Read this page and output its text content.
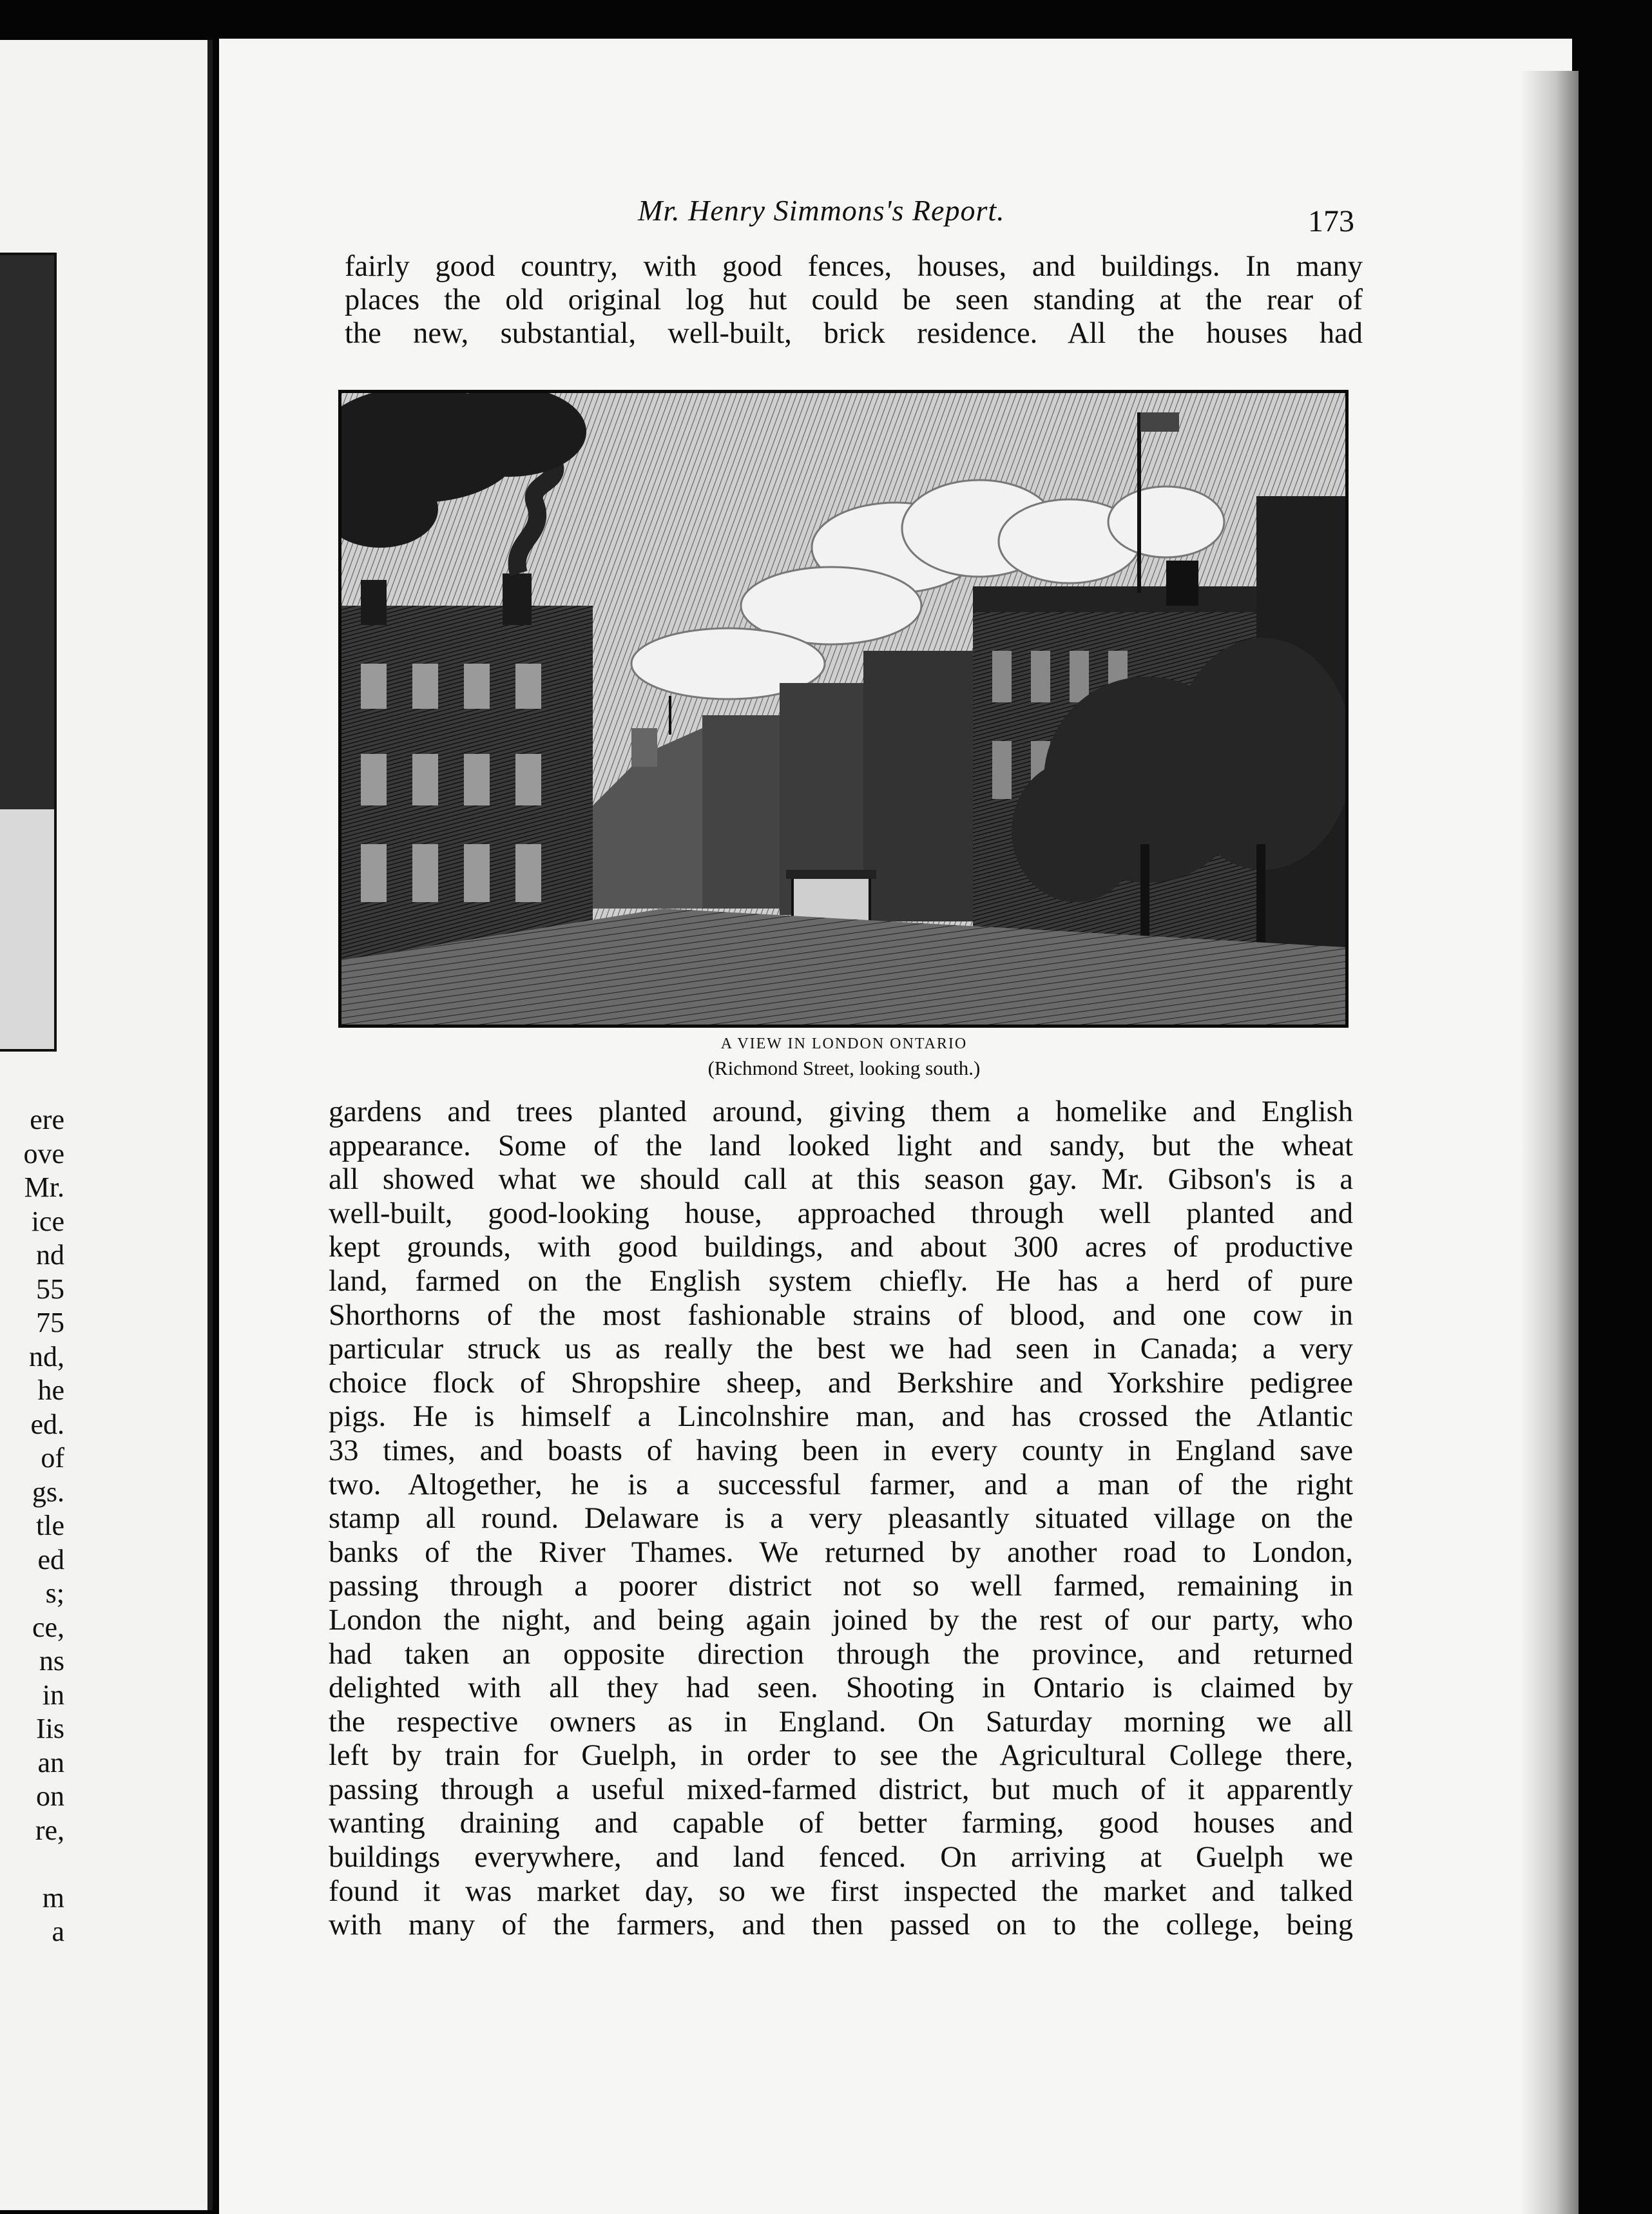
ere
ove
Mr.
ice
nd
55
75
nd,
he
ed.
of
gs.
tle
ed
s;
ce,
ns
in
Iis
an
on
re,

m
a
Mr. Henry Simmons's Report.	173
fairly good country, with good fences, houses, and buildings. In many
places the old original log hut could be seen standing at the rear of
the new, substantial, well-built, brick residence. All the houses had
A VIEW IN LONDON ONTARIO
(Richmond Street, looking south.)
gardens and trees planted around, giving them a homelike and English
appearance. Some of the land looked light and sandy, but the wheat
all showed what we should call at this season gay. Mr. Gibson's is a
well-built, good-looking house, approached through well planted and
kept grounds, with good buildings, and about 300 acres of productive
land, farmed on the English system chiefly. He has a herd of pure
Shorthorns of the most fashionable strains of blood, and one cow in
particular struck us as really the best we had seen in Canada; a very
choice flock of Shropshire sheep, and Berkshire and Yorkshire pedigree
pigs. He is himself a Lincolnshire man, and has crossed the Atlantic
33 times, and boasts of having been in every county in England save
two. Altogether, he is a successful farmer, and a man of the right
stamp all round. Delaware is a very pleasantly situated village on the
banks of the River Thames. We returned by another road to London,
passing through a poorer district not so well farmed, remaining in
London the night, and being again joined by the rest of our party, who
had taken an opposite direction through the province, and returned
delighted with all they had seen. Shooting in Ontario is claimed by
the respective owners as in England. On Saturday morning we all
left by train for Guelph, in order to see the Agricultural College there,
passing through a useful mixed-farmed district, but much of it apparently
wanting draining and capable of better farming, good houses and
buildings everywhere, and land fenced. On arriving at Guelph we
found it was market day, so we first inspected the market and talked
with many of the farmers, and then passed on to the college, being
